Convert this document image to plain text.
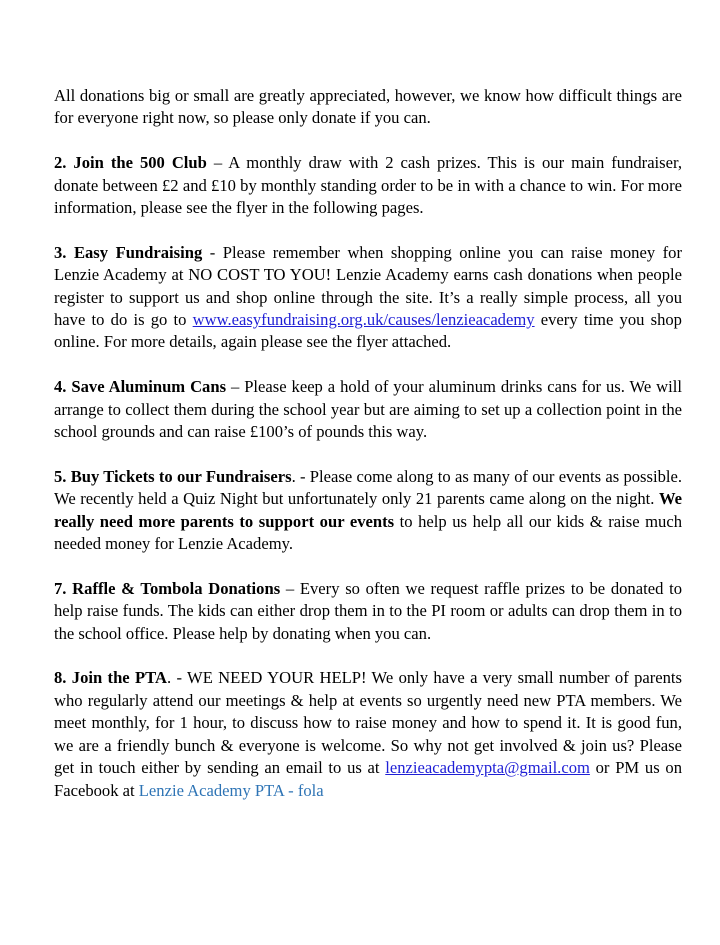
All donations big or small are greatly appreciated, however, we know how difficult things are for everyone right now, so please only donate if you can.

2. Join the 500 Club – A monthly draw with 2 cash prizes. This is our main fundraiser, donate between £2 and £10 by monthly standing order to be in with a chance to win. For more information, please see the flyer in the following pages.

3. Easy Fundraising - Please remember when shopping online you can raise money for Lenzie Academy at NO COST TO YOU! Lenzie Academy earns cash donations when people register to support us and shop online through the site. It’s a really simple process, all you have to do is go to www.easyfundraising.org.uk/causes/lenzieacademy every time you shop online. For more details, again please see the flyer attached.

4. Save Aluminum Cans – Please keep a hold of your aluminum drinks cans for us. We will arrange to collect them during the school year but are aiming to set up a collection point in the school grounds and can raise £100’s of pounds this way.

5. Buy Tickets to our Fundraisers. - Please come along to as many of our events as possible. We recently held a Quiz Night but unfortunately only 21 parents came along on the night. We really need more parents to support our events to help us help all our kids & raise much needed money for Lenzie Academy.

7. Raffle & Tombola Donations – Every so often we request raffle prizes to be donated to help raise funds. The kids can either drop them in to the PI room or adults can drop them in to the school office. Please help by donating when you can.

8. Join the PTA. - WE NEED YOUR HELP! We only have a very small number of parents who regularly attend our meetings & help at events so urgently need new PTA members. We meet monthly, for 1 hour, to discuss how to raise money and how to spend it. It is good fun, we are a friendly bunch & everyone is welcome. So why not get involved & join us? Please get in touch either by sending an email to us at lenzieacademypta@gmail.com or PM us on Facebook at Lenzie Academy PTA - fola
